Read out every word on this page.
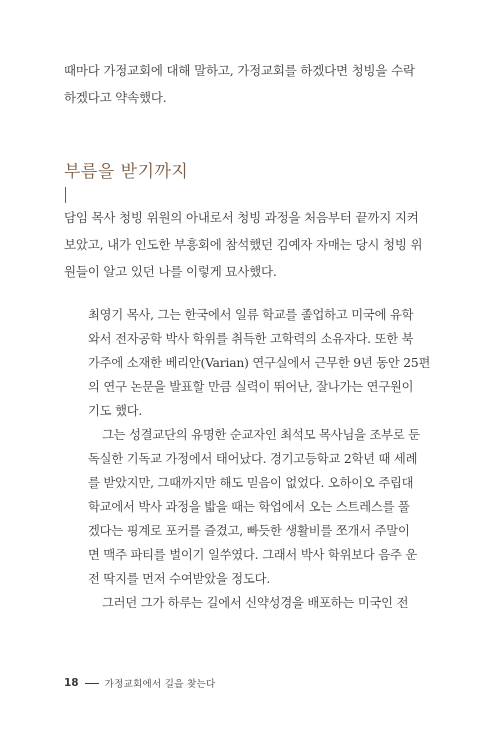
때마다 가정교회에 대해 말하고, 가정교회를 하겠다면 청빙을 수락
하겠다고 약속했다.

부름을 받기까지

담임 목사 청빙 위원의 아내로서 청빙 과정을 처음부터 끝까지 지켜
보았고, 내가 인도한 부흥회에 참석했던 김예자 자매는 당시 청빙 위
원들이 알고 있던 나를 이렇게 묘사했다.

최영기 목사, 그는 한국에서 일류 학교를 졸업하고 미국에 유학
와서 전자공학 박사 학위를 취득한 고학력의 소유자다. 또한 북
가주에 소재한 베리안(Varian) 연구실에서 근무한 9년 동안 25편
의 연구 논문을 발표할 만큼 실력이 뛰어난, 잘나가는 연구원이
기도 했다.
그는 성결교단의 유명한 순교자인 최석모 목사님을 조부로 둔
독실한 기독교 가정에서 태어났다. 경기고등학교 2학년 때 세례
를 받았지만, 그때까지만 해도 믿음이 없었다. 오하이오 주립대
학교에서 박사 과정을 밟을 때는 학업에서 오는 스트레스를 풀
겠다는 핑계로 포커를 즐겼고, 빠듯한 생활비를 쪼개서 주말이
면 맥주 파티를 벌이기 일쑤였다. 그래서 박사 학위보다 음주 운
전 딱지를 먼저 수여받았을 정도다.
그러던 그가 하루는 길에서 신약성경을 배포하는 미국인 전

18	가정교회에서 길을 찾는다
